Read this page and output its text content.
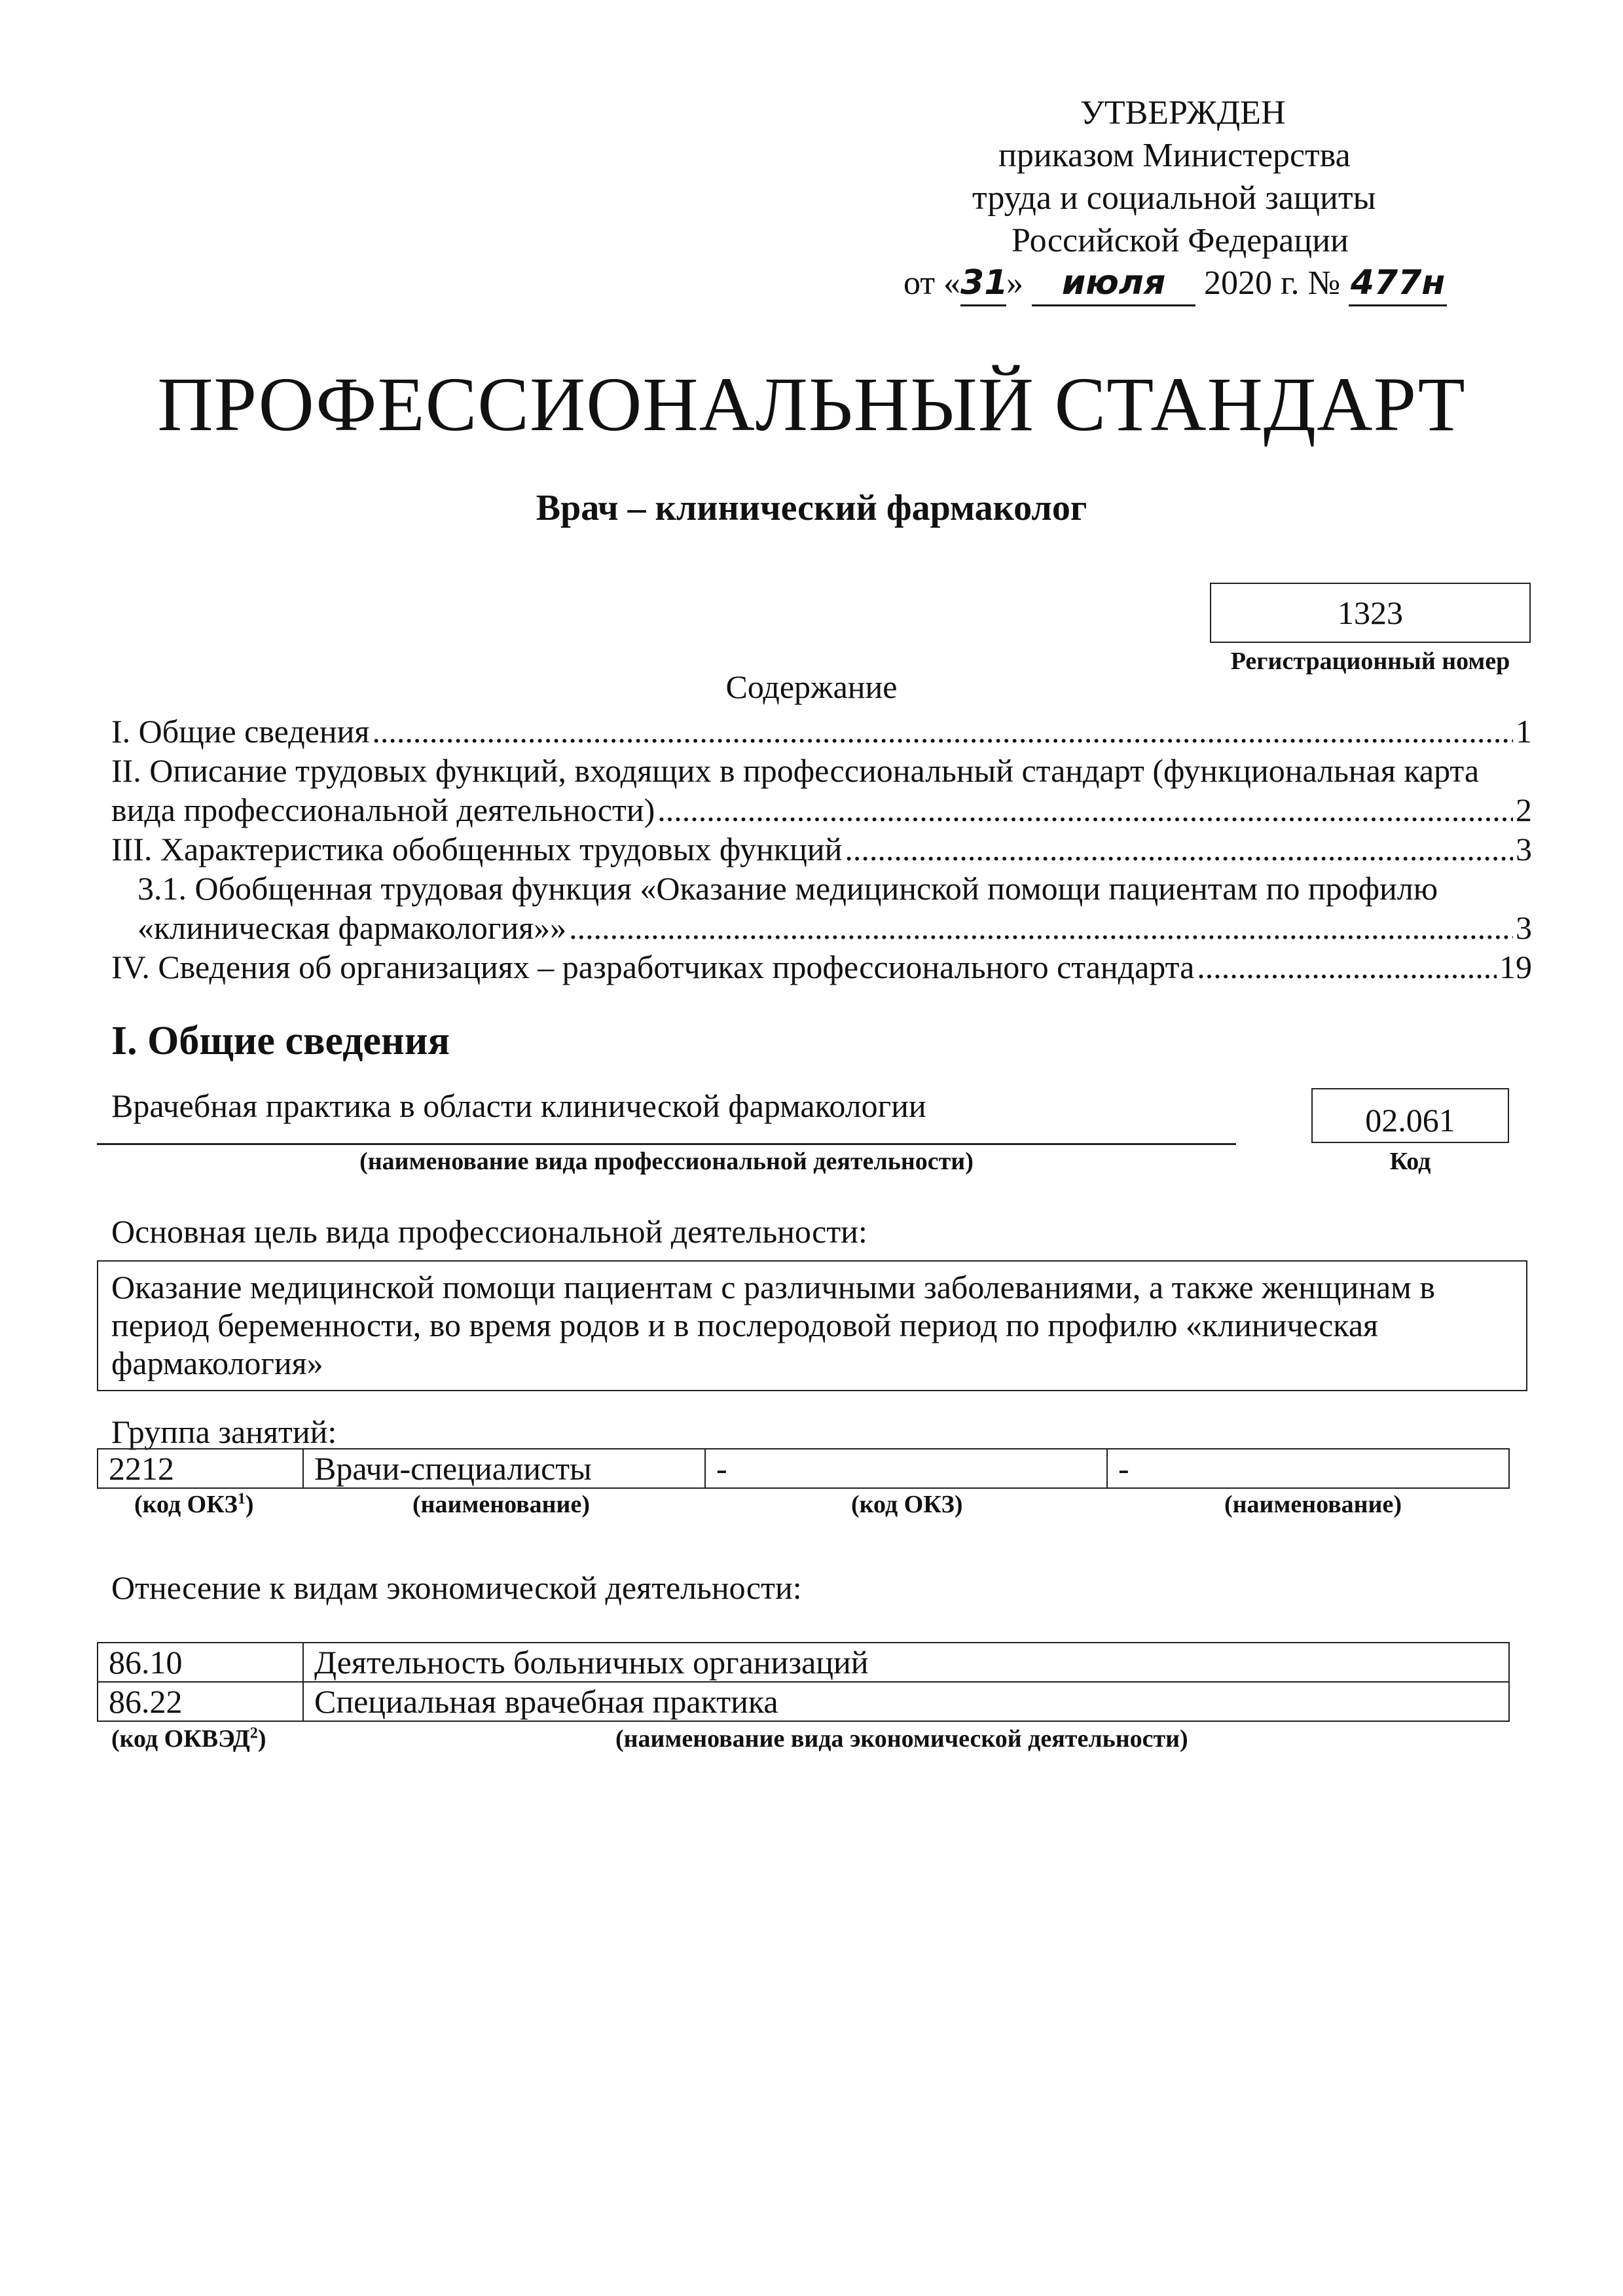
УТВЕРЖДЕН
приказом Министерства
труда и социальной защиты
Российской Федерации
от «31» июля 2020 г. № 477н
ПРОФЕССИОНАЛЬНЫЙ СТАНДАРТ
Врач – клинический фармаколог
1323
Регистрационный номер
Содержание
I. Общие сведения .....	1
II. Описание трудовых функций, входящих в профессиональный стандарт (функциональная карта
вида профессиональной деятельности) .....	2
III. Характеристика обобщенных трудовых функций .....	3
3.1. Обобщенная трудовая функция «Оказание медицинской помощи пациентам по профилю
«клиническая фармакология»» .....	3
IV. Сведения об организациях – разработчиках профессионального стандарта .....	19
I. Общие сведения
Врачебная практика в области клинической фармакологии
(наименование вида профессиональной деятельности)
02.061
Код
Основная цель вида профессиональной деятельности:
Оказание медицинской помощи пациентам с различными заболеваниями, а также женщинам в период беременности, во время родов и в послеродовой период по профилю «клиническая фармакология»
Группа занятий:
2212	Врачи-специалисты	-	-
(код ОКЗ$^1$)	(наименование)	(код ОКЗ)	(наименование)
Отнесение к видам экономической деятельности:
86.10	Деятельность больничных организаций
86.22	Специальная врачебная практика
(код ОКВЭД$^2$)	(наименование вида экономической деятельности)
